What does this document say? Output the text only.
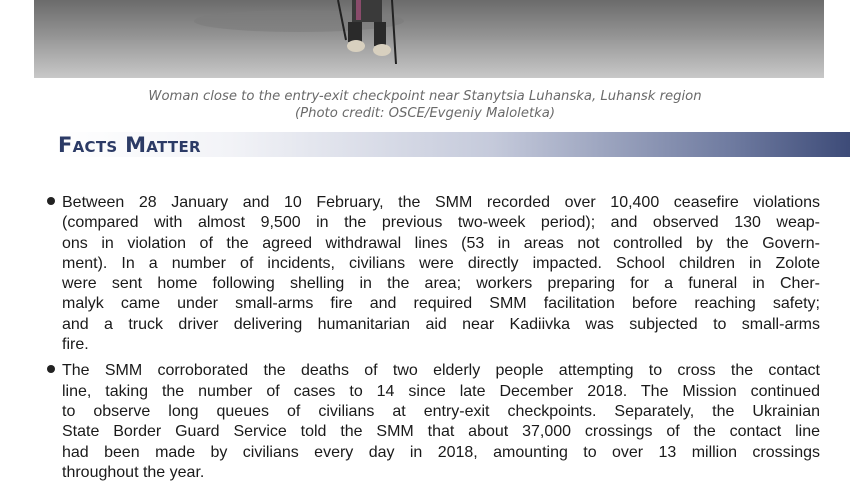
Woman close to the entry-exit checkpoint near Stanytsia Luhanska, Luhansk region
(Photo credit: OSCE/Evgeniy Maloletka)
Facts Matter
Between 28 January and 10 February, the SMM recorded over 10,400 ceasefire violations
(compared with almost 9,500 in the previous two-week period); and observed 130 weap-
ons in violation of the agreed withdrawal lines (53 in areas not controlled by the Govern-
ment). In a number of incidents, civilians were directly impacted. School children in Zolote
were sent home following shelling in the area; workers preparing for a funeral in Cher-
malyk came under small-arms fire and required SMM facilitation before reaching safety;
and a truck driver delivering humanitarian aid near Kadiivka was subjected to small-arms
fire.
The SMM corroborated the deaths of two elderly people attempting to cross the contact
line, taking the number of cases to 14 since late December 2018. The Mission continued
to observe long queues of civilians at entry-exit checkpoints. Separately, the Ukrainian
State Border Guard Service told the SMM that about 37,000 crossings of the contact line
had been made by civilians every day in 2018, amounting to over 13 million crossings
throughout the year.
